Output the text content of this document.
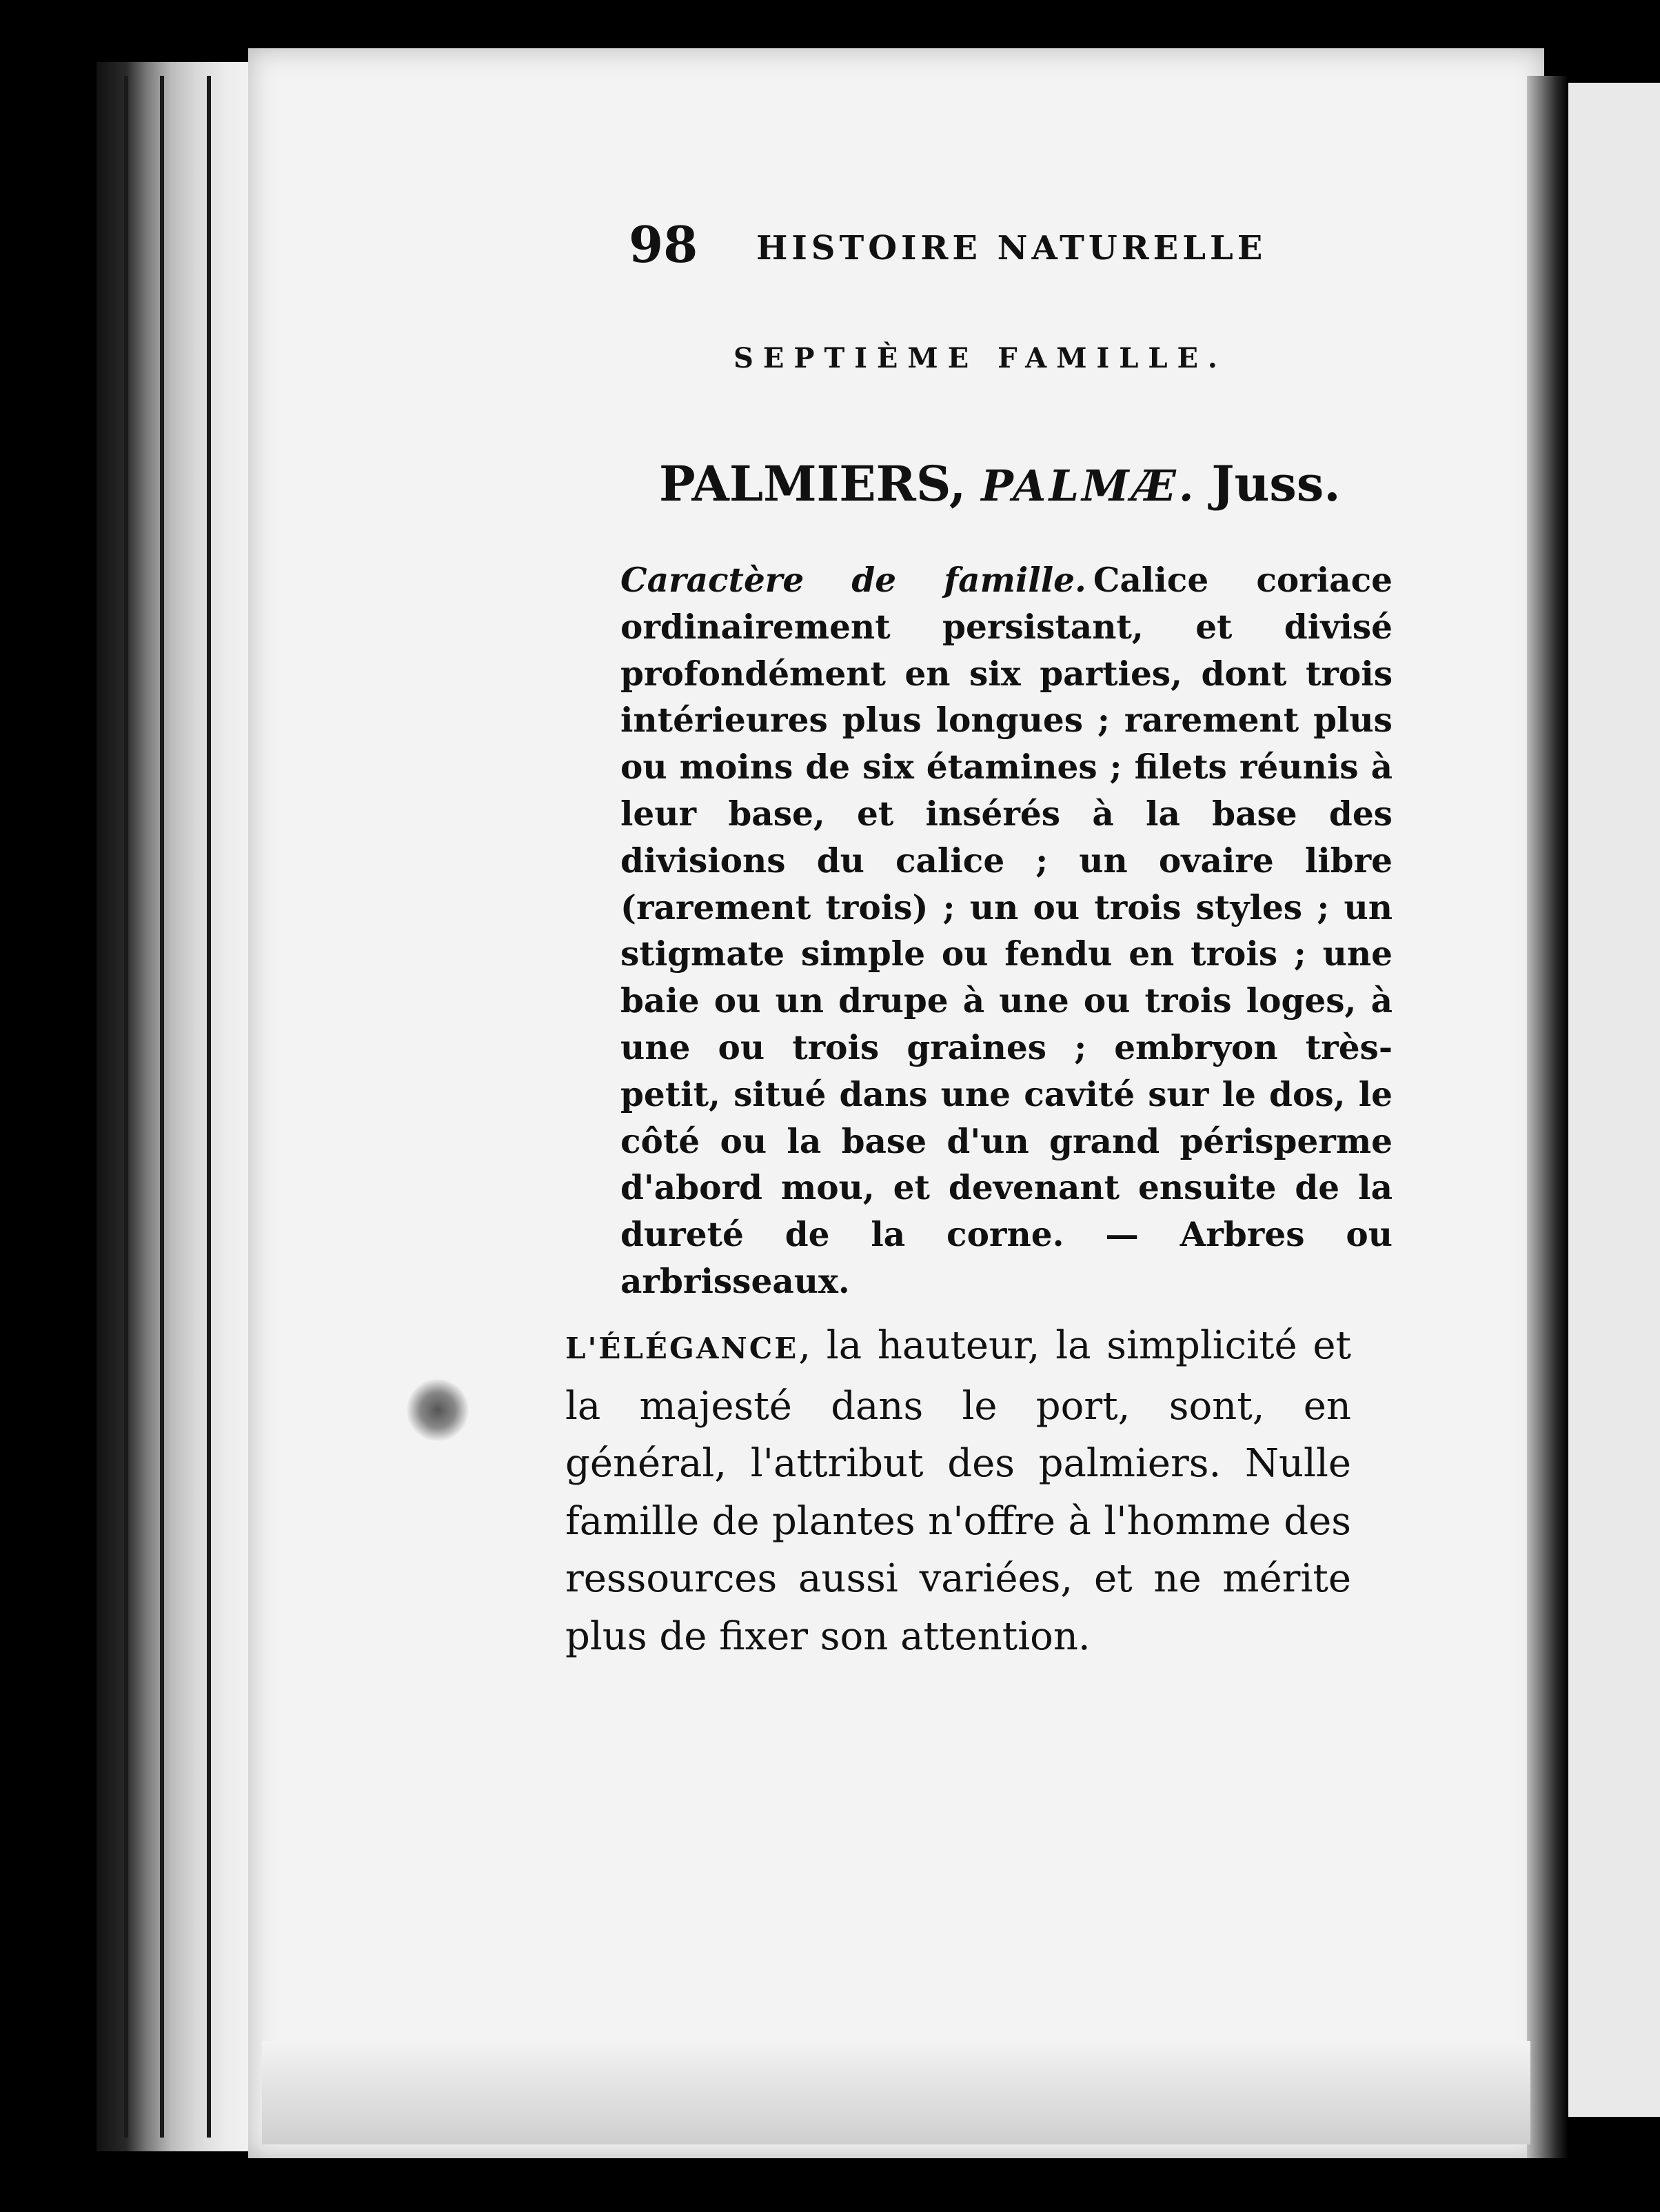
98 HISTOIRE NATURELLE
SEPTIÈME FAMILLE.
PALMIERS, PALMÆ. Juss.
Caractère de famille. Calice coriace ordinairement persistant, et divisé profondément en six parties, dont trois intérieures plus longues ; rarement plus ou moins de six étamines ; filets réunis à leur base, et insérés à la base des divisions du calice ; un ovaire libre (rarement trois) ; un ou trois styles ; un stigmate simple ou fendu en trois ; une baie ou un drupe à une ou trois loges, à une ou trois graines ; embryon très-petit, situé dans une cavité sur le dos, le côté ou la base d'un grand périsperme d'abord mou, et devenant ensuite de la dureté de la corne. — Arbres ou arbrisseaux.
L'ÉLÉGANCE, la hauteur, la simplicité et la majesté dans le port, sont, en général, l'attribut des palmiers. Nulle famille de plantes n'offre à l'homme des ressources aussi variées, et ne mérite plus de fixer son attention.
